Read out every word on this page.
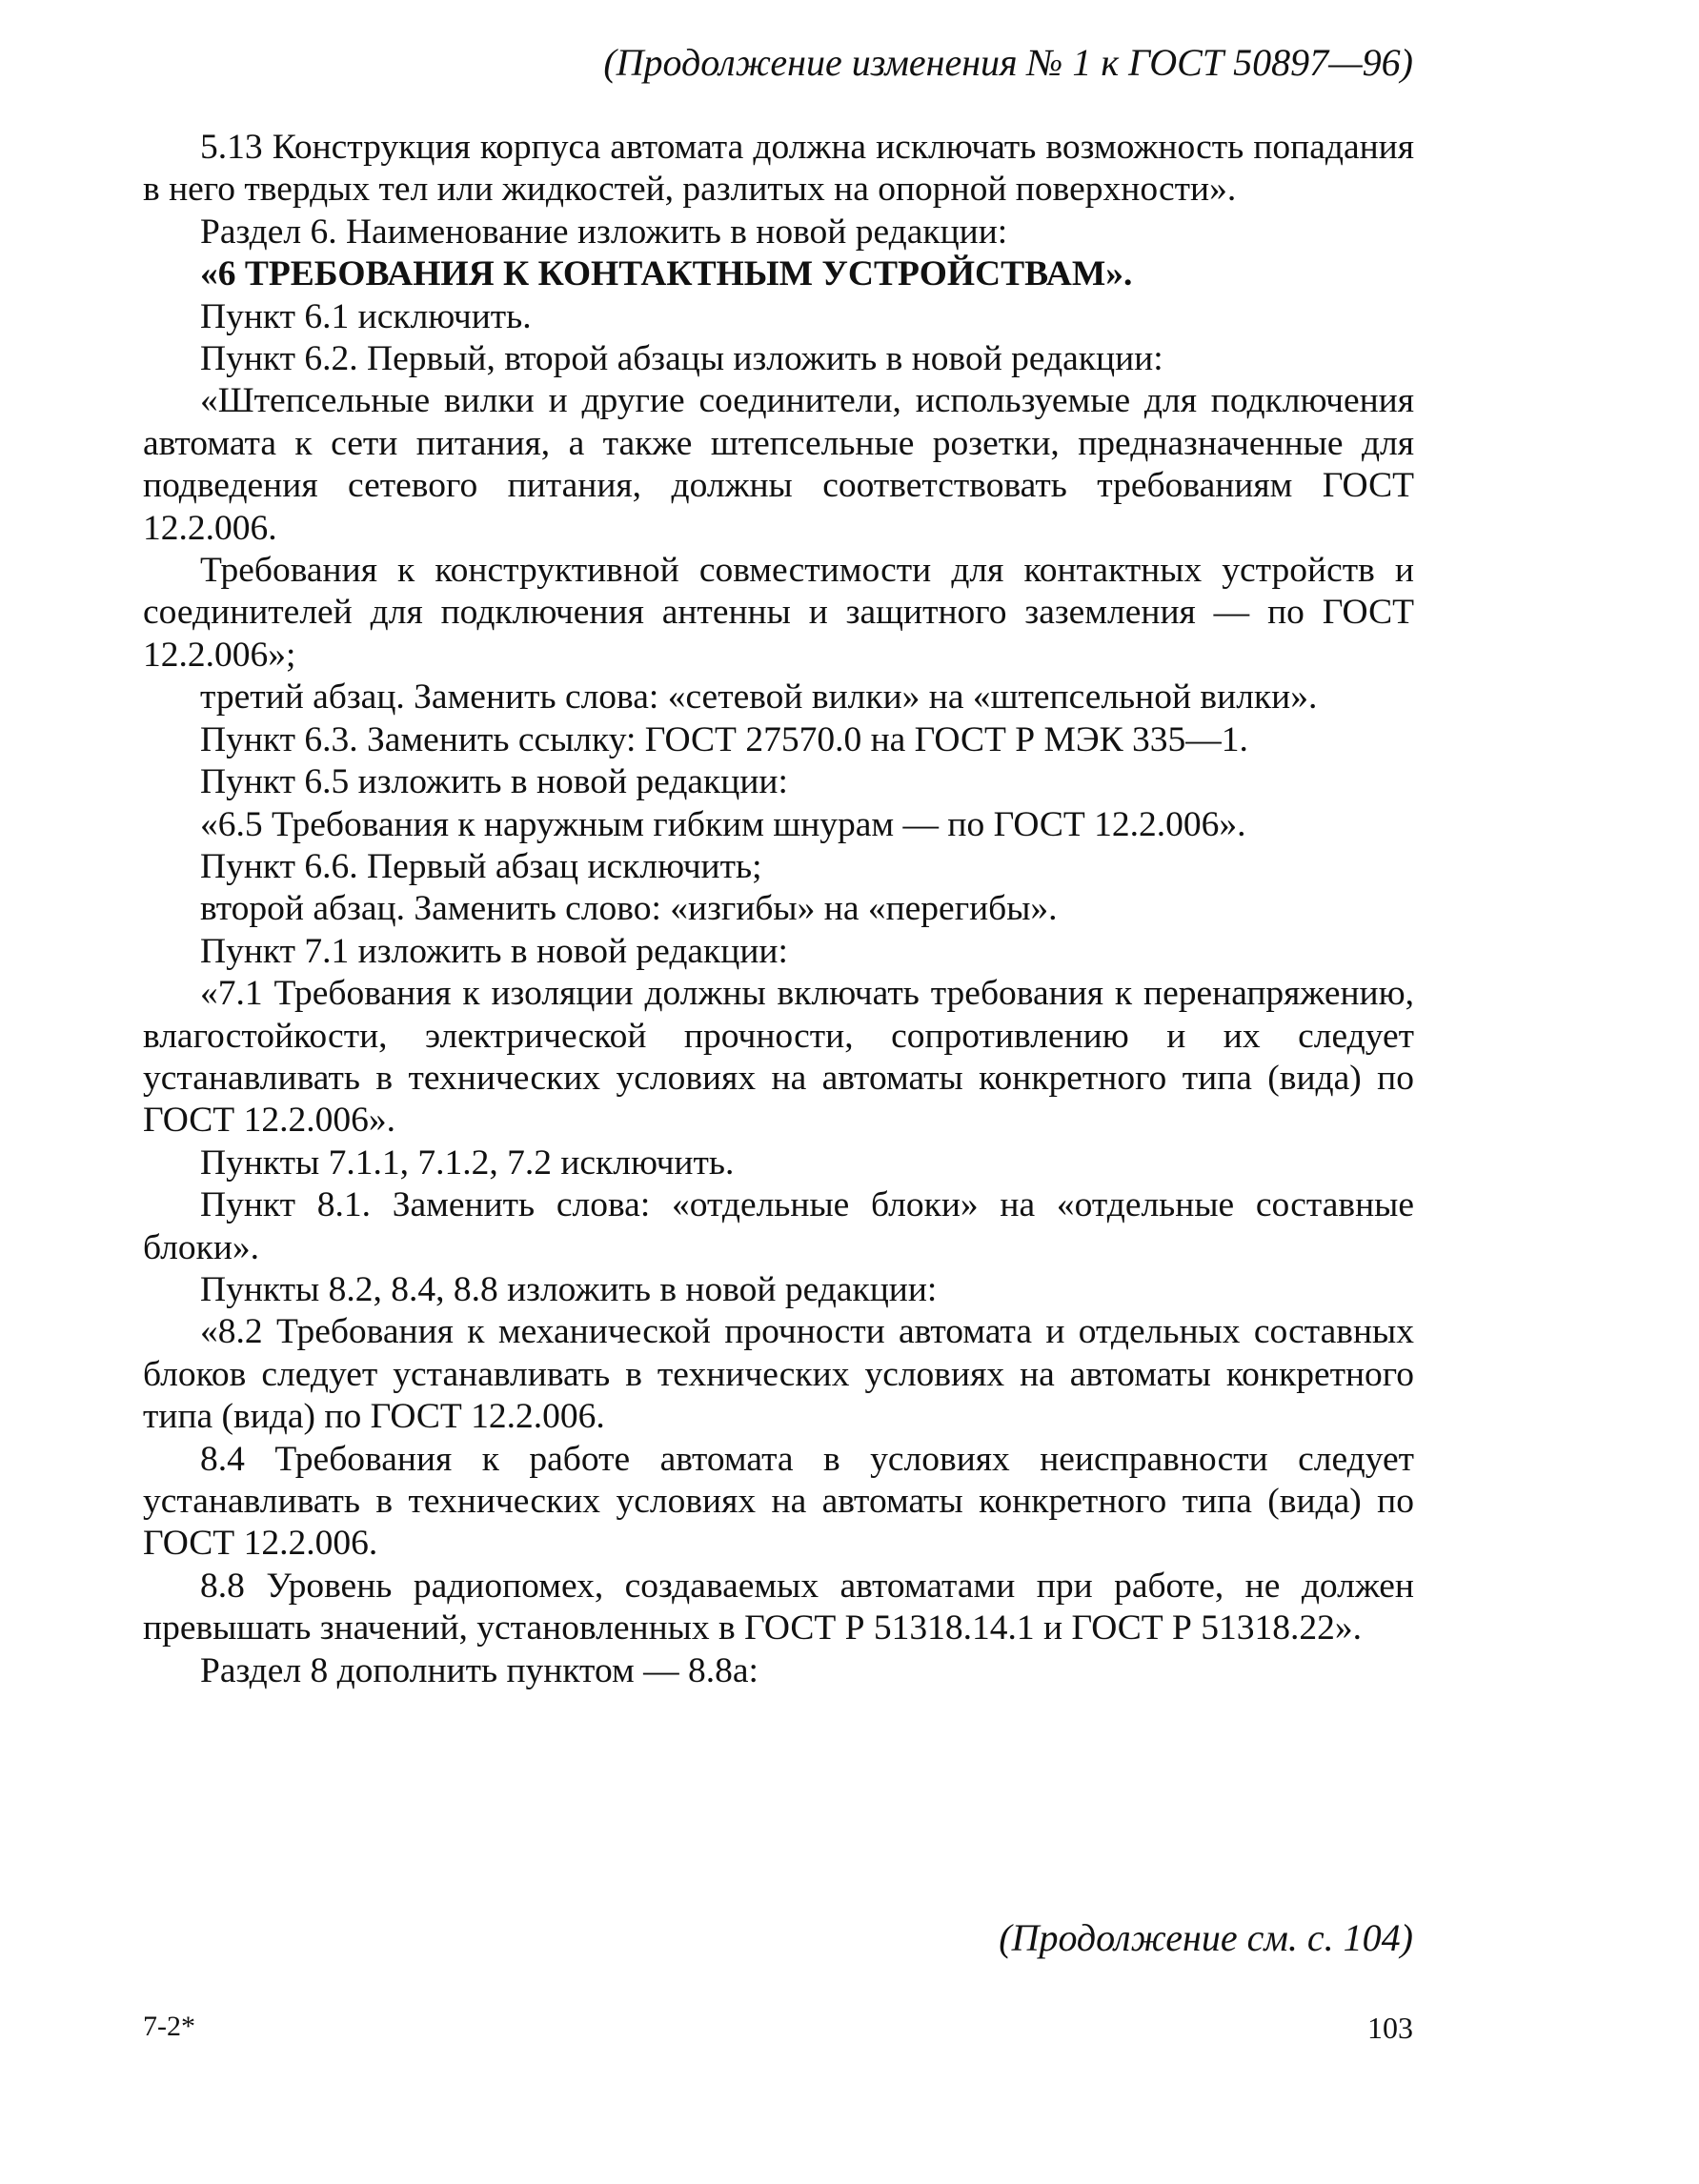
(Продолжение изменения № 1 к ГОСТ 50897—96)

5.13 Конструкция корпуса автомата должна исключать возможность попадания в него твердых тел или жидкостей, разлитых на опорной поверхности».

Раздел 6. Наименование изложить в новой редакции:

«6 ТРЕБОВАНИЯ К КОНТАКТНЫМ УСТРОЙСТВАМ».

Пункт 6.1 исключить.

Пункт 6.2. Первый, второй абзацы изложить в новой редакции:

«Штепсельные вилки и другие соединители, используемые для подключения автомата к сети питания, а также штепсельные розетки, предназначенные для подведения сетевого питания, должны соответствовать требованиям ГОСТ 12.2.006.

Требования к конструктивной совместимости для контактных устройств и соединителей для подключения антенны и защитного заземления — по ГОСТ 12.2.006»;

третий абзац. Заменить слова: «сетевой вилки» на «штепсельной вилки».

Пункт 6.3. Заменить ссылку: ГОСТ 27570.0 на ГОСТ Р МЭК 335—1.

Пункт 6.5 изложить в новой редакции:

«6.5 Требования к наружным гибким шнурам — по ГОСТ 12.2.006».

Пункт 6.6. Первый абзац исключить;

второй абзац. Заменить слово: «изгибы» на «перегибы».

Пункт 7.1 изложить в новой редакции:

«7.1 Требования к изоляции должны включать требования к перенапряжению, влагостойкости, электрической прочности, сопротивлению и их следует устанавливать в технических условиях на автоматы конкретного типа (вида) по ГОСТ 12.2.006».

Пункты 7.1.1, 7.1.2, 7.2 исключить.

Пункт 8.1. Заменить слова: «отдельные блоки» на «отдельные составные блоки».

Пункты 8.2, 8.4, 8.8 изложить в новой редакции:

«8.2 Требования к механической прочности автомата и отдельных составных блоков следует устанавливать в технических условиях на автоматы конкретного типа (вида) по ГОСТ 12.2.006.

8.4 Требования к работе автомата в условиях неисправности следует устанавливать в технических условиях на автоматы конкретного типа (вида) по ГОСТ 12.2.006.

8.8 Уровень радиопомех, создаваемых автоматами при работе, не должен превышать значений, установленных в ГОСТ Р 51318.14.1 и ГОСТ Р 51318.22».

Раздел 8 дополнить пунктом — 8.8а:

(Продолжение см. с. 104)
7-2*	103
